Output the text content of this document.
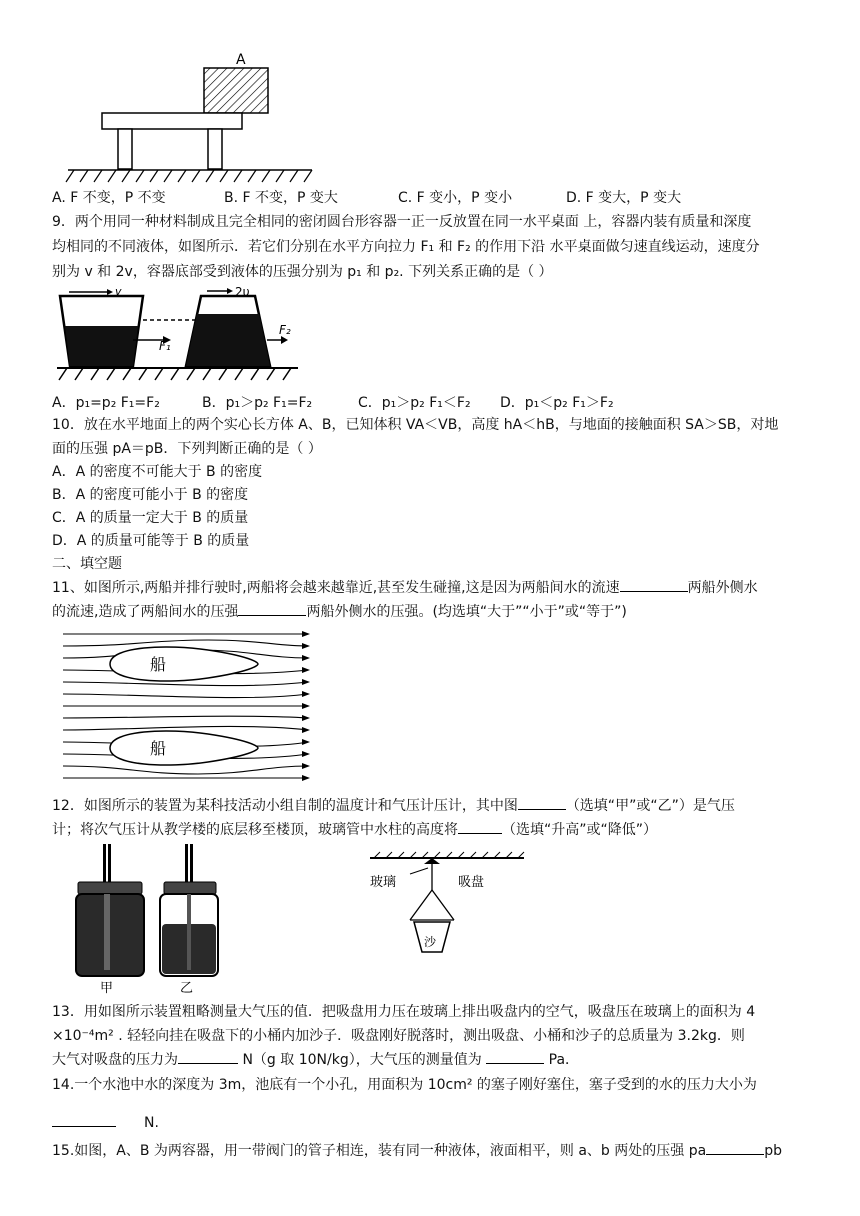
A
A. F 不变，P 不变	B. F 不变，P 变大	C. F 变小，P 变小	D. F 变大，P 变大
9．两个用同一种材料制成且完全相同的密闭圆台形容器一正一反放置在同一水平桌面 上，容器内装有质量和深度
均相同的不同液体，如图所示．若它们分别在水平方向拉力 F₁ 和 F₂ 的作用下沿 水平桌面做匀速直线运动，速度分
别为 v 和 2v，容器底部受到液体的压强分别为 p₁ 和 p₂. 下列关系正确的是（ ）
v
F₁
2υ
F₂
A．p₁=p₂ F₁=F₂	B．p₁＞p₂ F₁=F₂	C．p₁＞p₂ F₁＜F₂ D．p₁＜p₂ F₁＞F₂
10．放在水平地面上的两个实心长方体 A、B，已知体积 VA＜VB，高度 hA＜hB，与地面的接触面积 SA＞SB，对地
面的压强 pA＝pB．下列判断正确的是（ ）
A．A 的密度不可能大于 B 的密度
B．A 的密度可能小于 B 的密度
C．A 的质量一定大于 B 的质量
D．A 的质量可能等于 B 的质量
二、填空题
11、如图所示,两船并排行驶时,两船将会越来越靠近,甚至发生碰撞,这是因为两船间水的流速	两船外侧水
的流速,造成了两船间水的压强	两船外侧水的压强。(均选填“大于”“小于”或“等于”)
船
船
12．如图所示的装置为某科技活动小组自制的温度计和气压计压计，其中图	（选填“甲”或“乙”）是气压
计；将次气压计从教学楼的底层移至楼顶，玻璃管中水柱的高度将	（选填“升高”或“降低”）
甲	乙
玻璃	吸盘
沙
13．用如图所示装置粗略测量大气压的值．把吸盘用力压在玻璃上排出吸盘内的空气，吸盘压在玻璃上的面积为 4
×10⁻⁴m² . 轻轻向挂在吸盘下的小桶内加沙子．吸盘刚好脱落时，测出吸盘、小桶和沙子的总质量为 3.2kg．则
大气对吸盘的压力为	N（g 取 10N/kg），大气压的测量值为	Pa．
14.一个水池中水的深度为 3m，池底有一个小孔，用面积为 10cm² 的塞子刚好塞住，塞子受到的水的压力大小为
N.
15.如图，A、B 为两容器，用一带阀门的管子相连，装有同一种液体，液面相平，则 a、b 两处的压强 pa	pb
